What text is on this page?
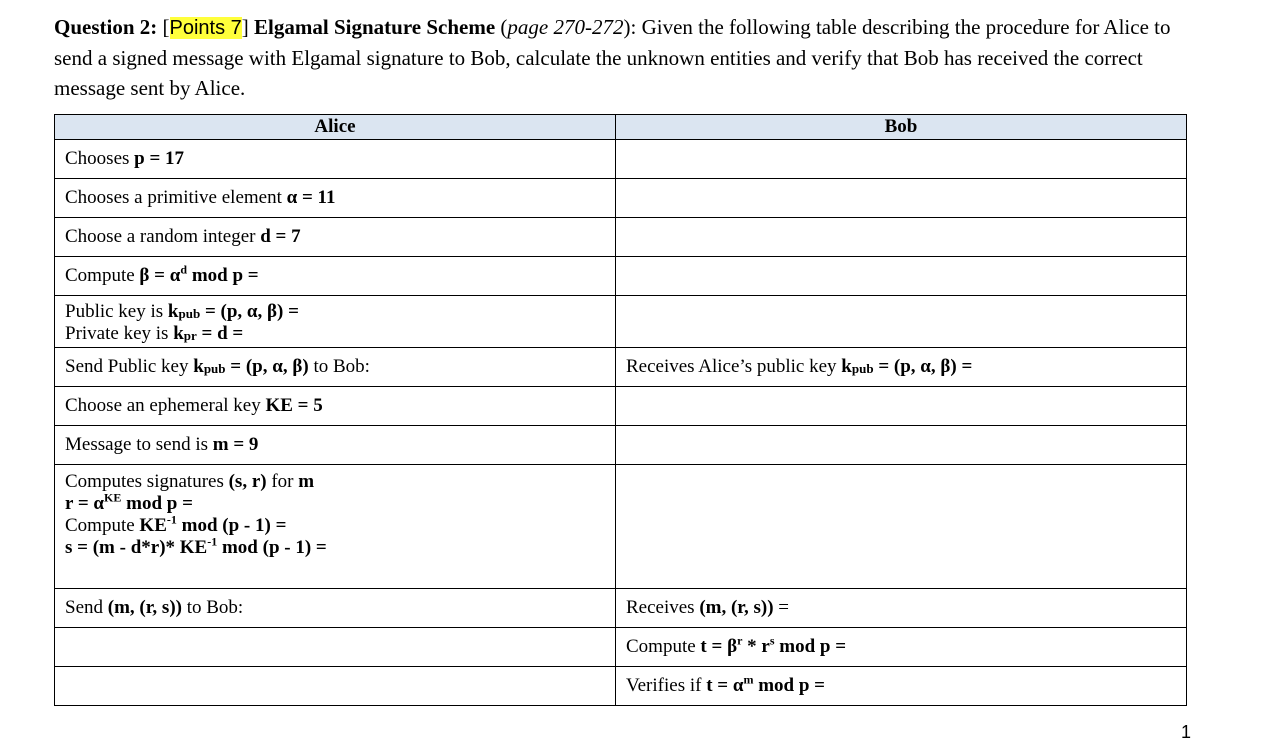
Question 2: [Points 7] Elgamal Signature Scheme (page 270-272): Given the following table describing the procedure for Alice to send a signed message with Elgamal signature to Bob, calculate the unknown entities and verify that Bob has received the correct message sent by Alice.
Alice	Bob
Chooses p = 17	
Chooses a primitive element α = 11	
Choose a random integer d = 7	
Compute $\beta = \alpha^d$ mod p =	

Public key is $k_{pub} = (p$, α, β) =
Private key is $k_{pr} = d$ =	

Send Public key $k_{pub} = (p$, α, β) to Bob:	Receives Alice’s public key $k_{pub} = (p$, α, β) =
Choose an ephemeral key KE = 5	
Message to send is m = 9	

Computes signatures (s, r) for m
$r = \alpha^{KE}$ mod p =
Compute $KE^{-1}$ mod (p - 1) =
s = (m - d*r)* $KE^{-1}$ mod (p - 1) =	

Send (m, (r, s)) to Bob:	Receives (m, (r, s)) =
	Compute $t = \beta^r * r^s$ mod p =
	Verifies if $t = \alpha^m$ mod p =
1
